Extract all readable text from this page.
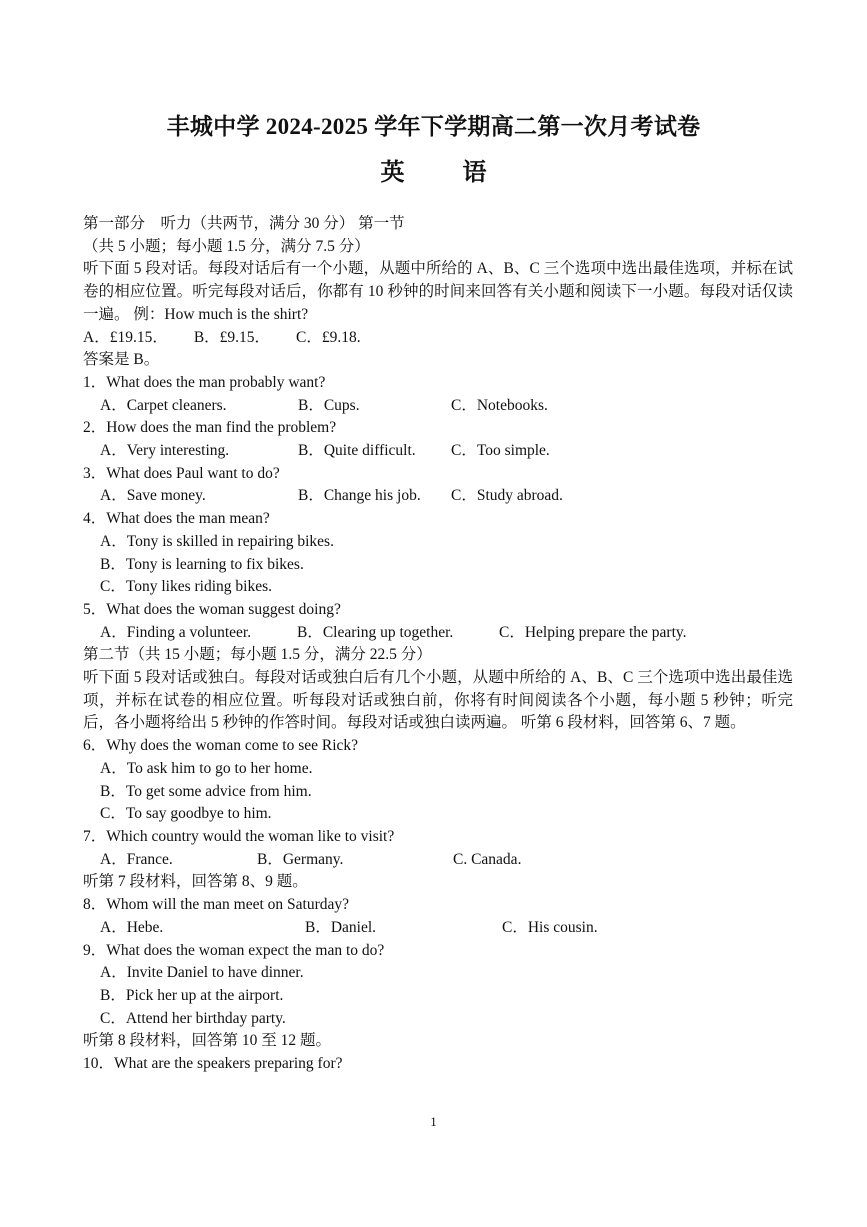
丰城中学 2024-2025 学年下学期高二第一次月考试卷
英 语
第一部分　听力（共两节，满分 30 分） 第一节
（共 5 小题；每小题 1.5 分，满分 7.5 分）
听下面 5 段对话。每段对话后有一个小题，从题中所给的 A、B、C 三个选项中选出最佳选项，并标在试卷的相应位置。听完每段对话后，你都有 10 秒钟的时间来回答有关小题和阅读下一小题。每段对话仅读一遍。 例：How much is the shirt?
A．£19.15． B．£9.15． C．£9.18.
答案是 B。
1．What does the man probably want?
A．Carpet cleaners.	B．Cups.	C．Notebooks.
2．How does the man find the problem?
A．Very interesting.	B．Quite difficult.	C．Too simple.
3．What does Paul want to do?
A．Save money.	B．Change his job.	C．Study abroad.
4．What does the man mean?
A．Tony is skilled in repairing bikes.
B．Tony is learning to fix bikes.
C．Tony likes riding bikes.
5．What does the woman suggest doing?
A．Finding a volunteer.	B．Clearing up together.	C．Helping prepare the party.
第二节（共 15 小题；每小题 1.5 分，满分 22.5 分）
听下面 5 段对话或独白。每段对话或独白后有几个小题，从题中所给的 A、B、C 三个选项中选出最佳选项，并标在试卷的相应位置。听每段对话或独白前，你将有时间阅读各个小题，每小题 5 秒钟；听完后，各小题将给出 5 秒钟的作答时间。每段对话或独白读两遍。 听第 6 段材料，回答第 6、7 题。
6．Why does the woman come to see Rick?
A．To ask him to go to her home.
B．To get some advice from him.
C．To say goodbye to him.
7．Which country would the woman like to visit?
A．France.	B．Germany.	C. Canada.
听第 7 段材料，回答第 8、9 题。
8．Whom will the man meet on Saturday?
A．Hebe.	B．Daniel.	C．His cousin.
9．What does the woman expect the man to do?
A．Invite Daniel to have dinner.
B．Pick her up at the airport.
C．Attend her birthday party.
听第 8 段材料，回答第 10 至 12 题。
10．What are the speakers preparing for?
1
